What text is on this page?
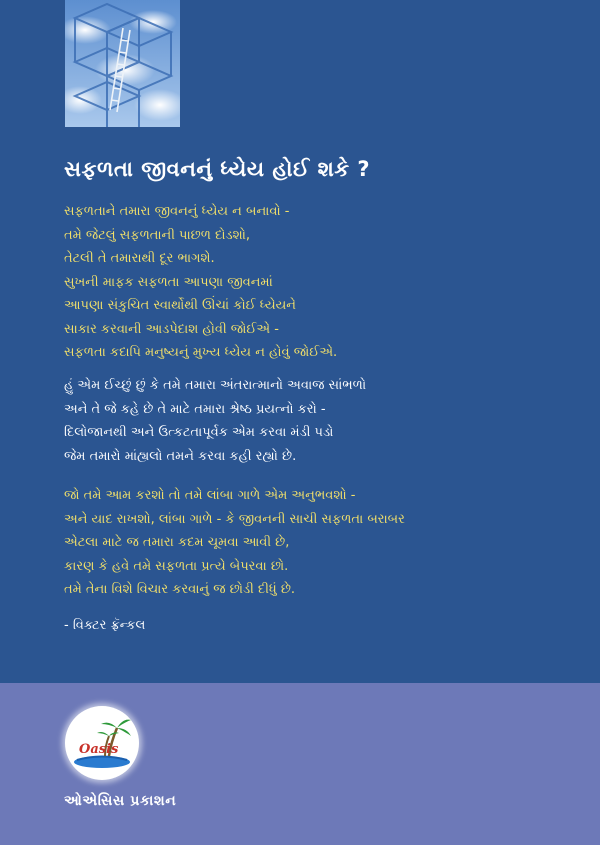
સફળતા જીવનનું ધ્યેય હોઈ શકે ?
સફળતાને તમારા જીવનનું ધ્યેય ન બનાવો -
તમે જેટલું સફળતાની પાછળ દોડશો,
તેટલી તે તમારાથી દૂર ભાગશે.
સુખની માફક સફળતા આપણા જીવનમાં
આપણા સંકુચિત સ્વાર્થોથી ઊંચાં કોઈ ધ્યેયને
સાકાર કરવાની આડપેદાશ હોવી જોઈએ -
સફળતા કદાપિ મનુષ્યનું મુખ્ય ધ્યેય ન હોવું જોઈએ.
હું એમ ઈચ્છું છું કે તમે તમારા અંતરાત્માનો અવાજ સાંભળો
અને તે જે કહે છે તે માટે તમારા શ્રેષ્ઠ પ્રયત્નો કરો -
દિલોજાનથી અને ઉત્કટતાપૂર્વક એમ કરવા મંડી પડો
જેમ તમારો માંહ્યલો તમને કરવા કહી રહ્યો છે.
જો તમે આમ કરશો તો તમે લાંબા ગાળે એમ અનુભવશો -
અને યાદ રાખશો, લાંબા ગાળે - કે જીવનની સાચી સફળતા બરાબર
એટલા માટે જ તમારા કદમ ચૂમવા આવી છે,
કારણ કે હવે તમે સફળતા પ્રત્યે બેપરવા છો.
તમે તેના વિશે વિચાર કરવાનું જ છોડી દીધું છે.
- વિક્ટર ફ્રૅન્કલ
Oasis
ઓએસિસ પ્રકાશન
